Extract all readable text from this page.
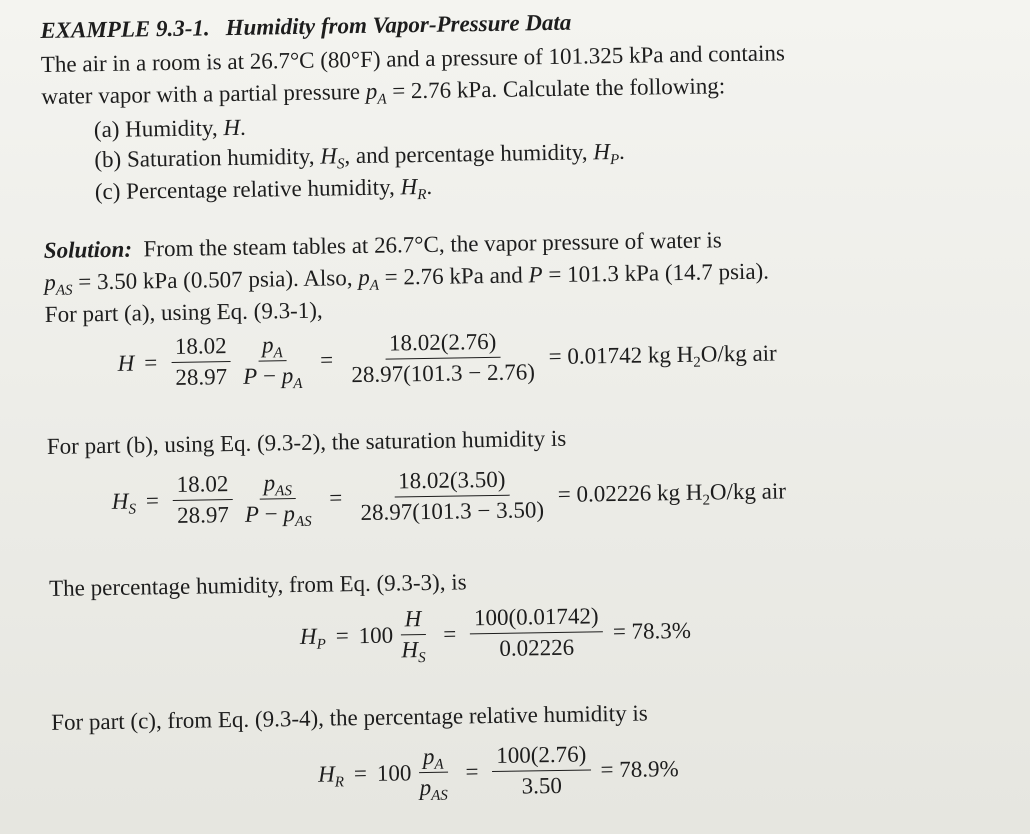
EXAMPLE 9.3-1. Humidity from Vapor-Pressure Data
The air in a room is at 26.7°C (80°F) and a pressure of 101.325 kPa and contains
water vapor with a partial pressure $p_A = 2.76$ kPa. Calculate the following:
(a) Humidity, H.
(b) Saturation humidity, $H_S$, and percentage humidity, $H_P$.
(c) Percentage relative humidity, $H_R$.
Solution: From the steam tables at 26.7°C, the vapor pressure of water is
$p_{AS} = 3.50$ kPa (0.507 psia). Also, $p_A = 2.76$ kPa and P = 101.3 kPa (14.7 psia).
For part (a), using Eq. (9.3-1),
$H = \frac{18.02}{28.97} \frac{p_A}{P - p_A} = \frac{18.02(2.76)}{28.97(101.3 - 2.76)} = 0.01742$ kg $H_2O/kg$ air
For part (b), using Eq. (9.3-2), the saturation humidity is
$H_S = \frac{18.02}{28.97} \frac{p_{AS}}{P - p_{AS}} = \frac{18.02(3.50)}{28.97(101.3 - 3.50)} = 0.02226$ kg $H_2O/kg$ air
The percentage humidity, from Eq. (9.3-3), is
$H_P = 100 \frac{H}{H_S} = \frac{100(0.01742)}{0.02226} = 78.3\%$
For part (c), from Eq. (9.3-4), the percentage relative humidity is
$H_R = 100 \frac{p_A}{p_{AS}} = \frac{100(2.76)}{3.50} = 78.9\%$
